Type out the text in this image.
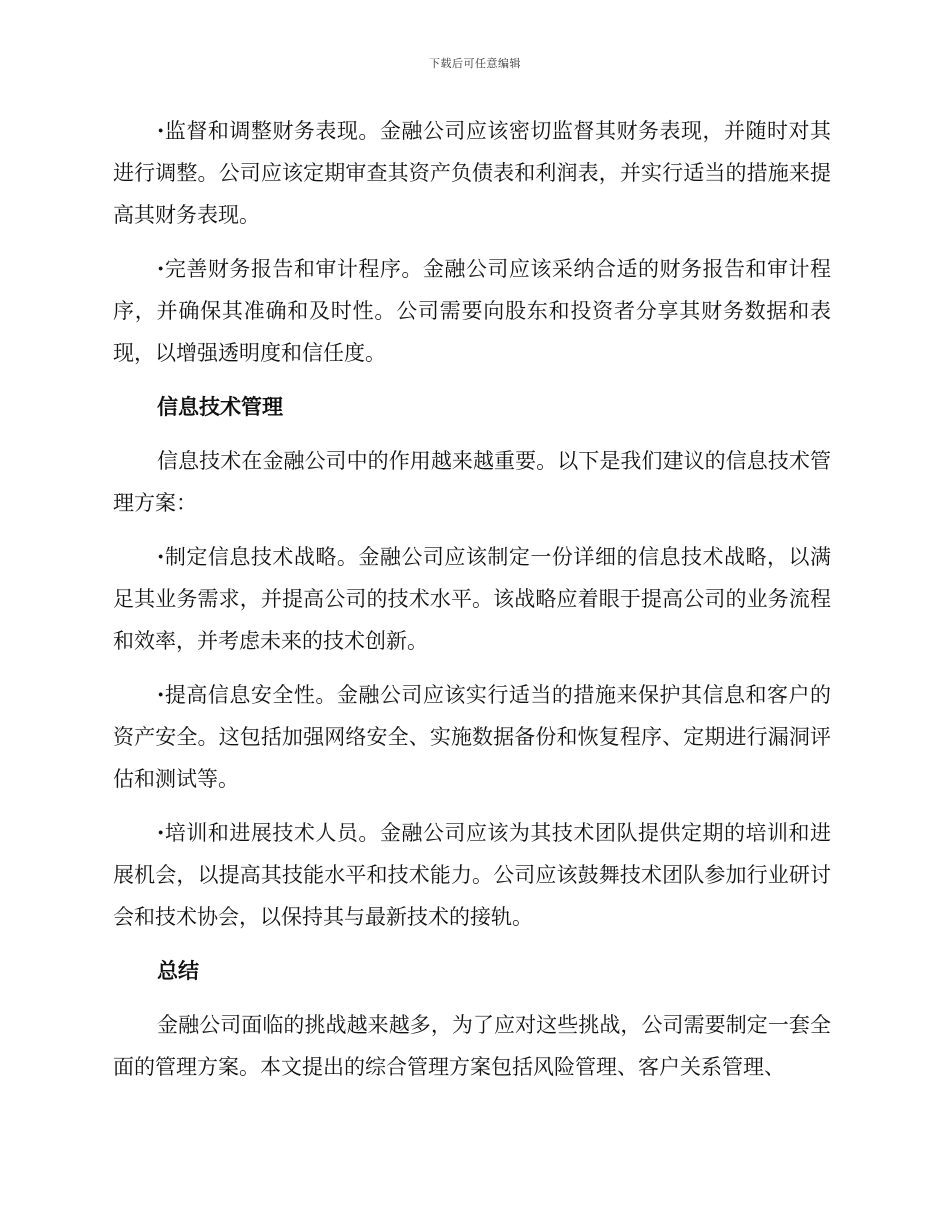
下载后可任意编辑

·监督和调整财务表现。金融公司应该密切监督其财务表现，并随时对其进行调整。公司应该定期审查其资产负债表和利润表，并实行适当的措施来提高其财务表现。

·完善财务报告和审计程序。金融公司应该采纳合适的财务报告和审计程序，并确保其准确和及时性。公司需要向股东和投资者分享其财务数据和表现，以增强透明度和信任度。

信息技术管理

信息技术在金融公司中的作用越来越重要。以下是我们建议的信息技术管理方案：

·制定信息技术战略。金融公司应该制定一份详细的信息技术战略，以满足其业务需求，并提高公司的技术水平。该战略应着眼于提高公司的业务流程和效率，并考虑未来的技术创新。

·提高信息安全性。金融公司应该实行适当的措施来保护其信息和客户的资产安全。这包括加强网络安全、实施数据备份和恢复程序、定期进行漏洞评估和测试等。

·培训和进展技术人员。金融公司应该为其技术团队提供定期的培训和进展机会，以提高其技能水平和技术能力。公司应该鼓舞技术团队参加行业研讨会和技术协会，以保持其与最新技术的接轨。

总结

金融公司面临的挑战越来越多，为了应对这些挑战，公司需要制定一套全面的管理方案。本文提出的综合管理方案包括风险管理、客户关系管理、
